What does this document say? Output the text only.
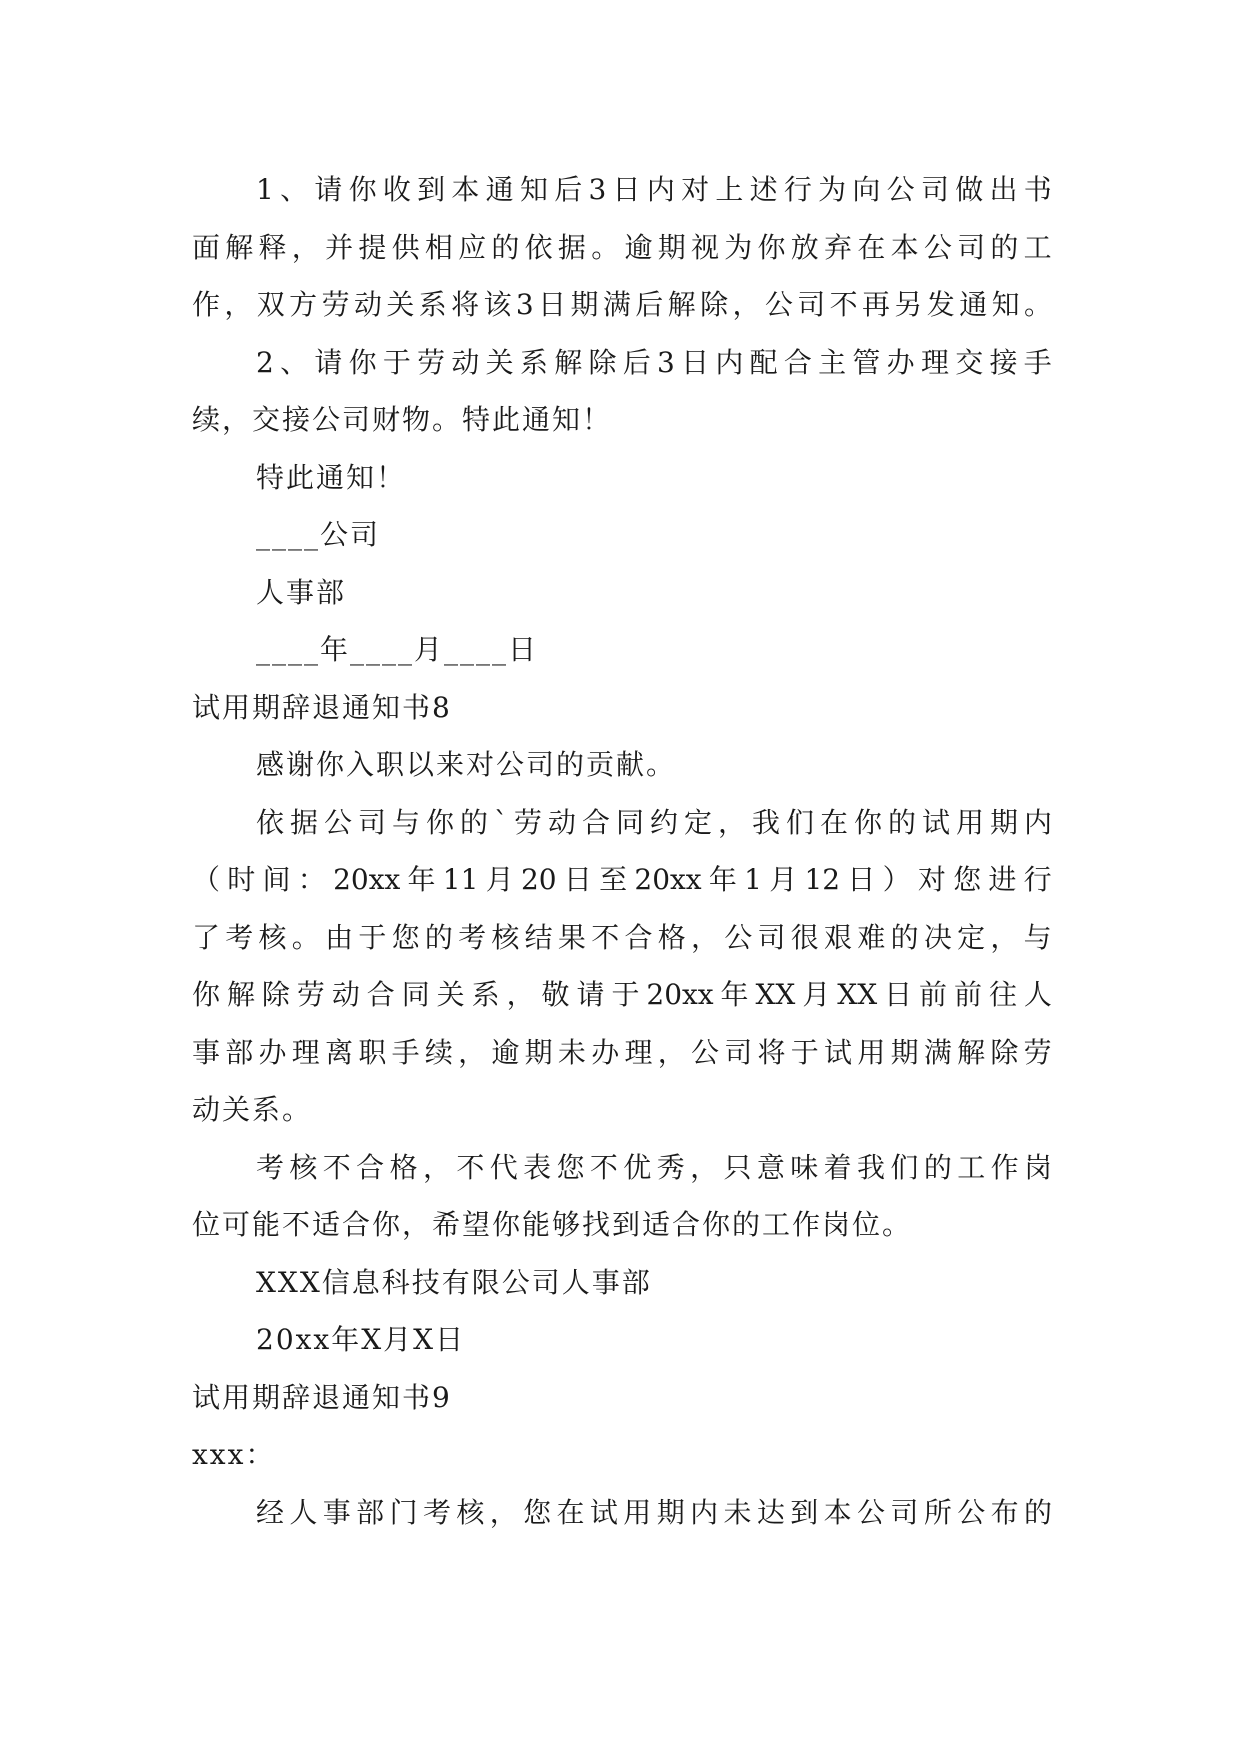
1 、 请 你 收 到 本 通 知 后 3 日 内 对 上 述 行 为 向 公 司 做 出 书
面 解 释 ， 并 提 供 相 应 的 依 据 。 逾 期 视 为 你 放 弃 在 本 公 司 的 工
作 ， 双 方 劳 动 关 系 将 该 3 日 期 满 后 解 除 ， 公 司 不 再 另 发 通 知 。
2 、 请 你 于 劳 动 关 系 解 除 后 3 日 内 配 合 主 管 办 理 交 接 手
续，交接公司财物。特此通知！
特此通知！
____公司
人事部
____年____月____日
试用期辞退通知书8
感谢你入职以来对公司的贡献。
依 据 公 司 与 你 的 ` 劳 动 合 同 约 定 ， 我 们 在 你 的 试 用 期 内
（ 时 间 ： 20xx 年 11 月 20 日 至 20xx 年 1 月 12 日 ） 对 您 进 行
了 考 核 。 由 于 您 的 考 核 结 果 不 合 格 ， 公 司 很 艰 难 的 决 定 ， 与
你 解 除 劳 动 合 同 关 系 ， 敬 请 于 20xx 年 XX 月 XX 日 前 前 往 人
事 部 办 理 离 职 手 续 ， 逾 期 未 办 理 ， 公 司 将 于 试 用 期 满 解 除 劳
动关系。
考 核 不 合 格 ， 不 代 表 您 不 优 秀 ， 只 意 味 着 我 们 的 工 作 岗
位可能不适合你，希望你能够找到适合你的工作岗位。
XXX信息科技有限公司人事部
20xx年X月X日
试用期辞退通知书9
xxx：
经 人 事 部 门 考 核 ， 您 在 试 用 期 内 未 达 到 本 公 司 所 公 布 的
